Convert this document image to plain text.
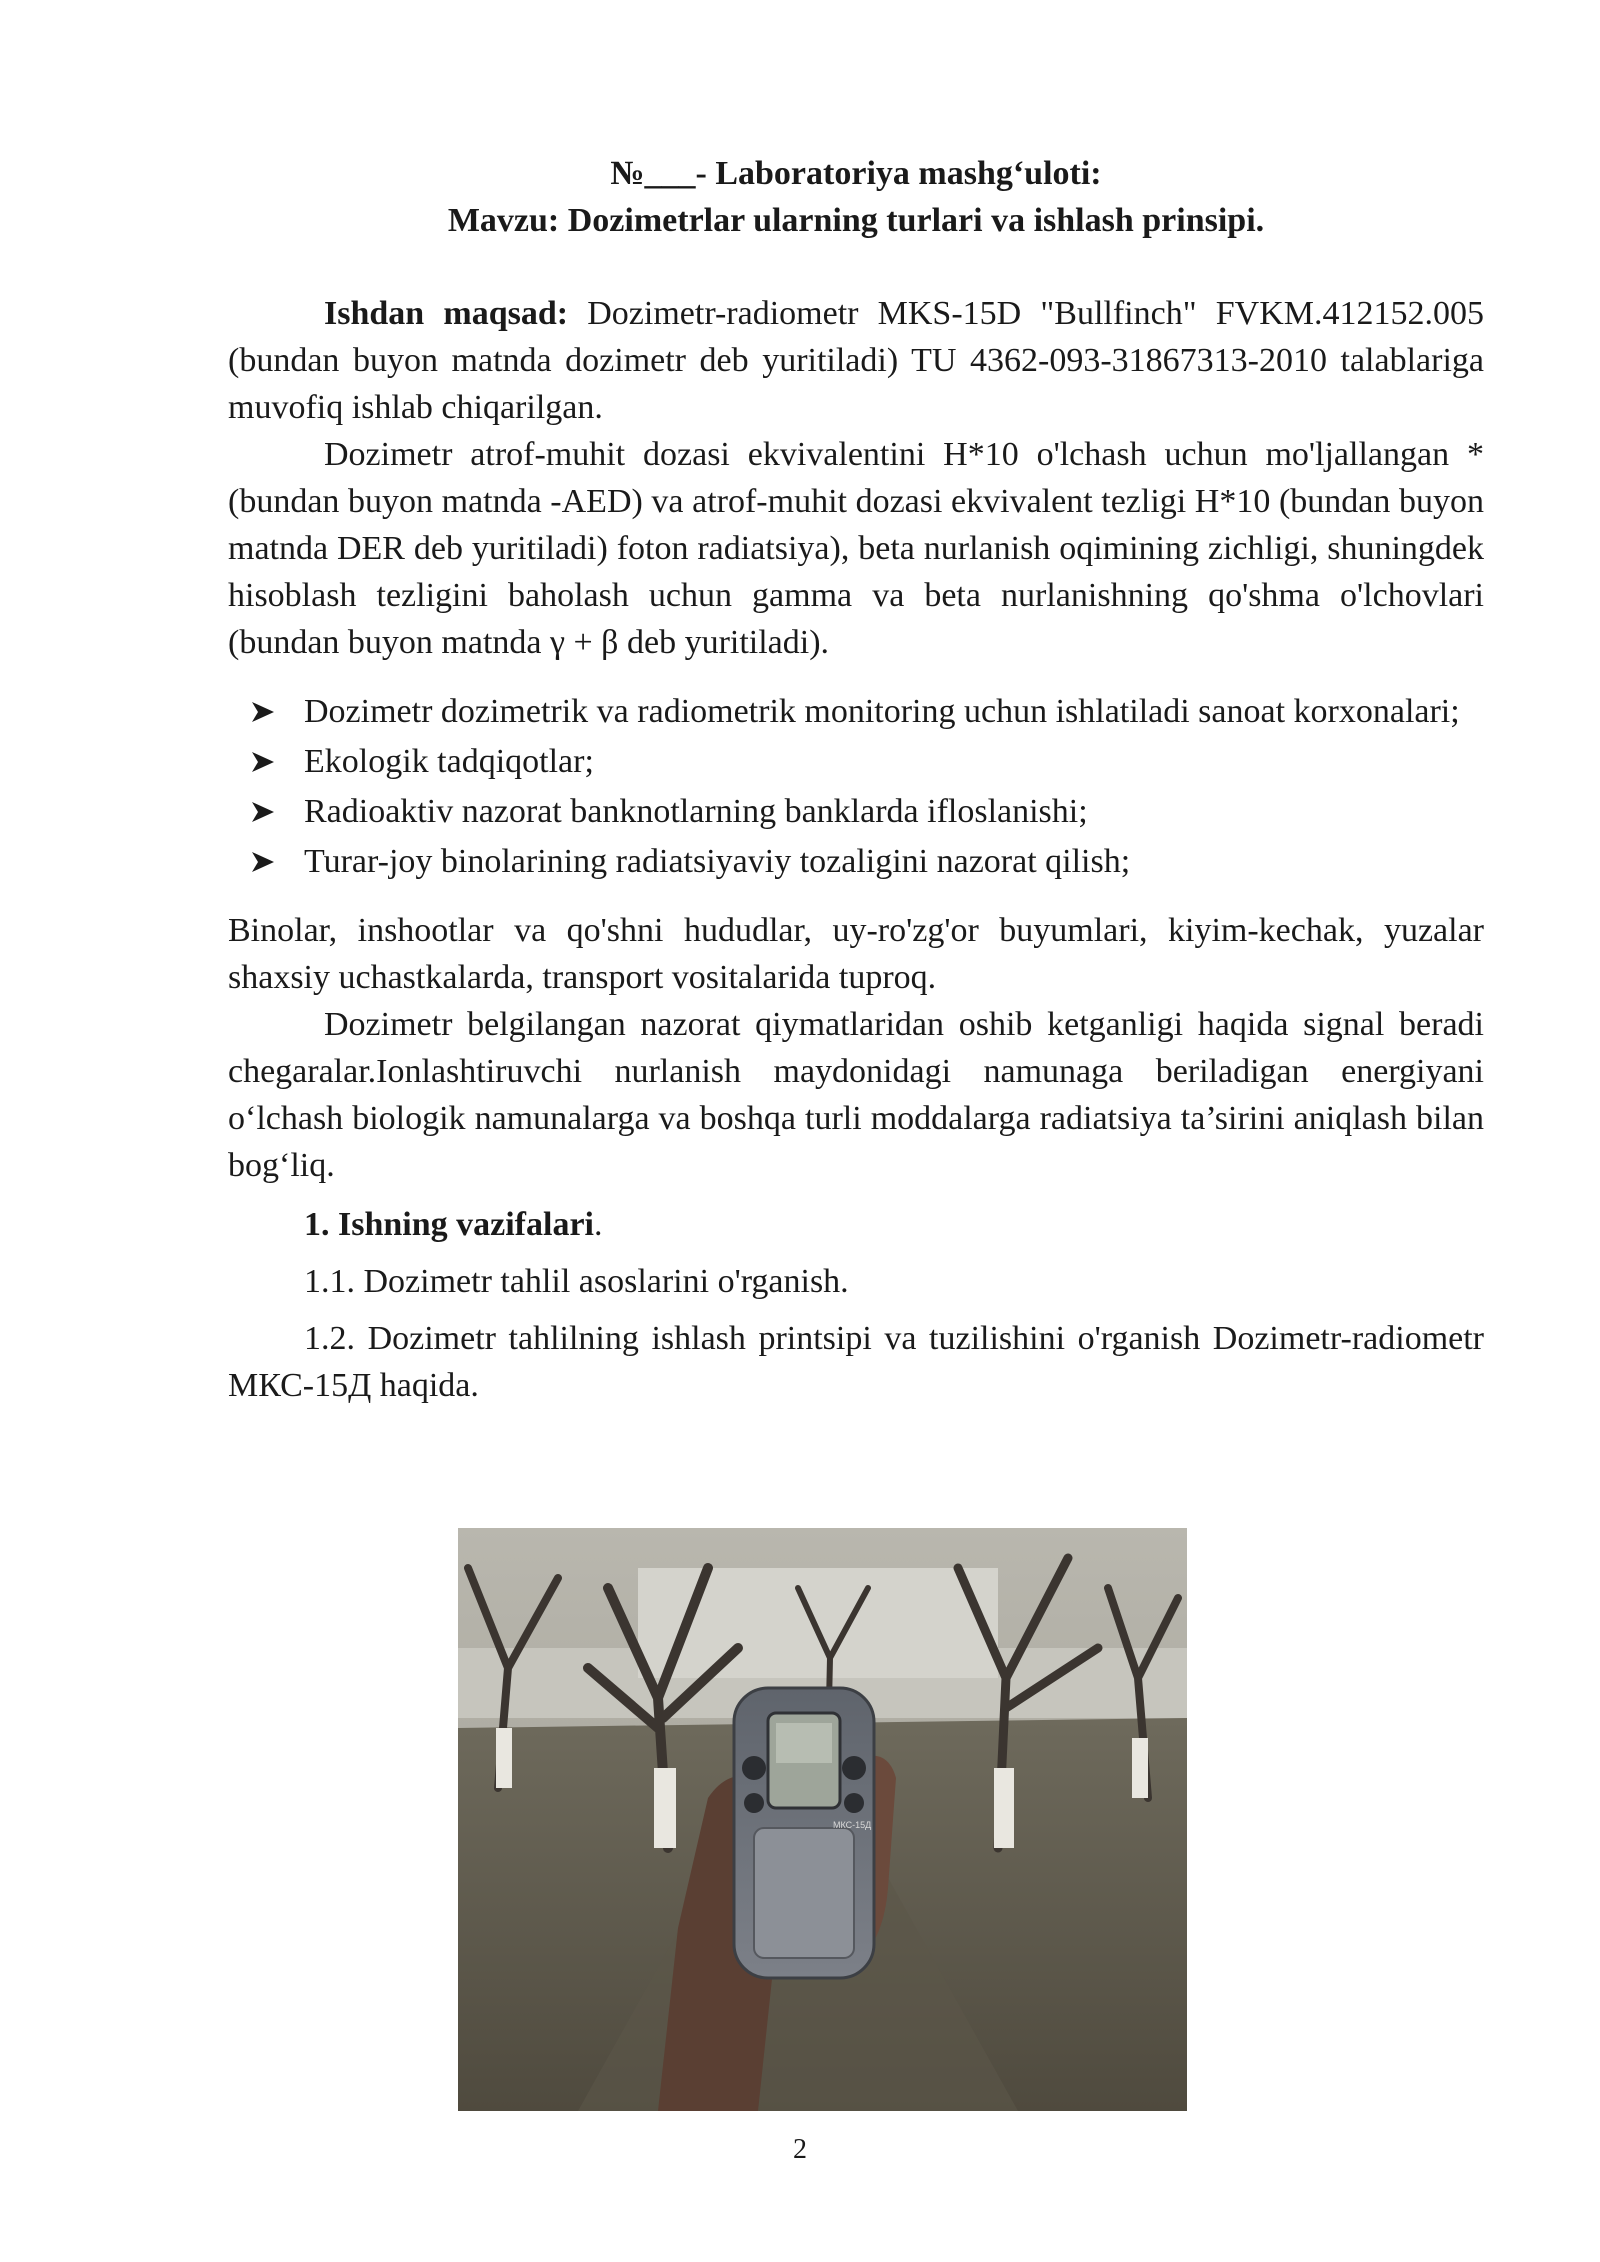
№___- Laboratoriya mashg‘uloti:

Mavzu: Dozimetrlar ularning turlari va ishlash prinsipi.

Ishdan maqsad: Dozimetr-radiometr MKS-15D "Bullfinch" FVKM.412152.005 (bundan buyon matnda dozimetr deb yuritiladi) TU 4362-093-31867313-2010 talablariga muvofiq ishlab chiqarilgan.

Dozimetr atrof-muhit dozasi ekvivalentini H*10 o'lchash uchun mo'ljallangan * (bundan buyon matnda -AED) va atrof-muhit dozasi ekvivalent tezligi H*10 (bundan buyon matnda DER deb yuritiladi) foton radiatsiya), beta nurlanish oqimining zichligi, shuningdek hisoblash tezligini baholash uchun gamma va beta nurlanishning qo'shma o'lchovlari (bundan buyon matnda γ + β deb yuritiladi).

Dozimetr dozimetrik va radiometrik monitoring uchun ishlatiladi sanoat korxonalari;
Ekologik tadqiqotlar;
Radioaktiv nazorat banknotlarning banklarda ifloslanishi;
Turar-joy binolarining radiatsiyaviy tozaligini nazorat qilish;

Binolar, inshootlar va qo'shni hududlar, uy-ro'zg'or buyumlari, kiyim-kechak, yuzalar shaxsiy uchastkalarda, transport vositalarida tuproq.

Dozimetr belgilangan nazorat qiymatlaridan oshib ketganligi haqida signal beradi chegaralar.Ionlashtiruvchi nurlanish maydonidagi namunaga beriladigan energiyani o‘lchash biologik namunalarga va boshqa turli moddalarga radiatsiya ta’sirini aniqlash bilan bog‘liq.

1. Ishning vazifalari.

1.1. Dozimetr tahlil asoslarini o'rganish.

1.2. Dozimetr tahlilning ishlash printsipi va tuzilishini o'rganish Dozimetr-radiometr МКС-15Д haqida.

МКС-15Д
2
